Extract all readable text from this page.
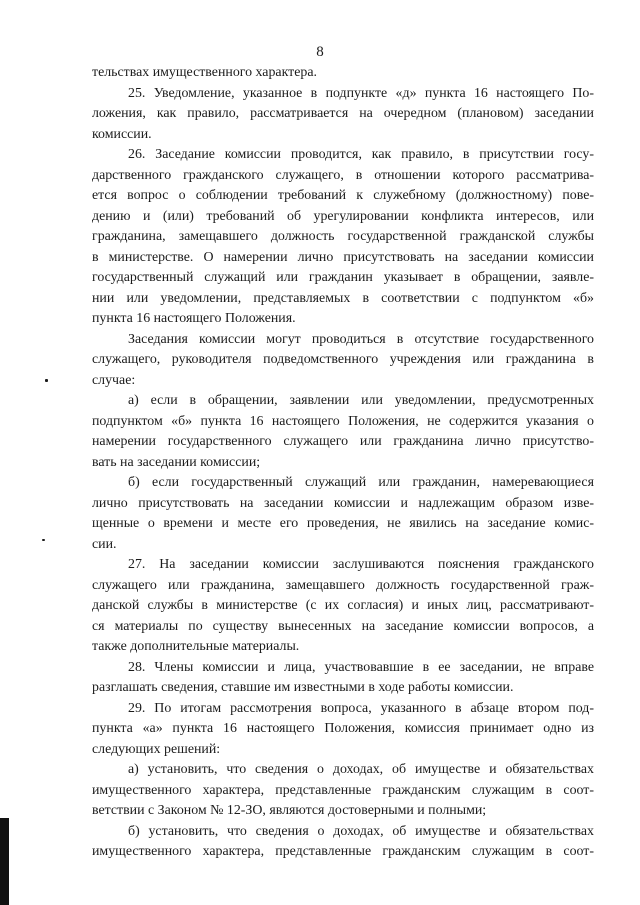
8
тельствах имущественного характера.
25. Уведомление, указанное в подпункте «д» пункта 16 настоящего По-
ложения, как правило, рассматривается на очередном (плановом) заседании
комиссии.
26. Заседание комиссии проводится, как правило, в присутствии госу-
дарственного гражданского служащего, в отношении которого рассматрива-
ется вопрос о соблюдении требований к служебному (должностному) пове-
дению и (или) требований об урегулировании конфликта интересов, или
гражданина, замещавшего должность государственной гражданской службы
в министерстве. О намерении лично присутствовать на заседании комиссии
государственный служащий или гражданин указывает в обращении, заявле-
нии или уведомлении, представляемых в соответствии с подпунктом «б»
пункта 16 настоящего Положения.
Заседания комиссии могут проводиться в отсутствие государственного
служащего, руководителя подведомственного учреждения или гражданина в
случае:
а) если в обращении, заявлении или уведомлении, предусмотренных
подпунктом «б» пункта 16 настоящего Положения, не содержится указания о
намерении государственного служащего или гражданина лично присутство-
вать на заседании комиссии;
б) если государственный служащий или гражданин, намеревающиеся
лично присутствовать на заседании комиссии и надлежащим образом изве-
щенные о времени и месте его проведения, не явились на заседание комис-
сии.
27. На заседании комиссии заслушиваются пояснения гражданского
служащего или гражданина, замещавшего должность государственной граж-
данской службы в министерстве (с их согласия) и иных лиц, рассматривают-
ся материалы по существу вынесенных на заседание комиссии вопросов, а
также дополнительные материалы.
28. Члены комиссии и лица, участвовавшие в ее заседании, не вправе
разглашать сведения, ставшие им известными в ходе работы комиссии.
29. По итогам рассмотрения вопроса, указанного в абзаце втором под-
пункта «а» пункта 16 настоящего Положения, комиссия принимает одно из
следующих решений:
а) установить, что сведения о доходах, об имуществе и обязательствах
имущественного характера, представленные гражданским служащим в соот-
ветствии с Законом № 12-ЗО, являются достоверными и полными;
б) установить, что сведения о доходах, об имуществе и обязательствах
имущественного характера, представленные гражданским служащим в соот-
